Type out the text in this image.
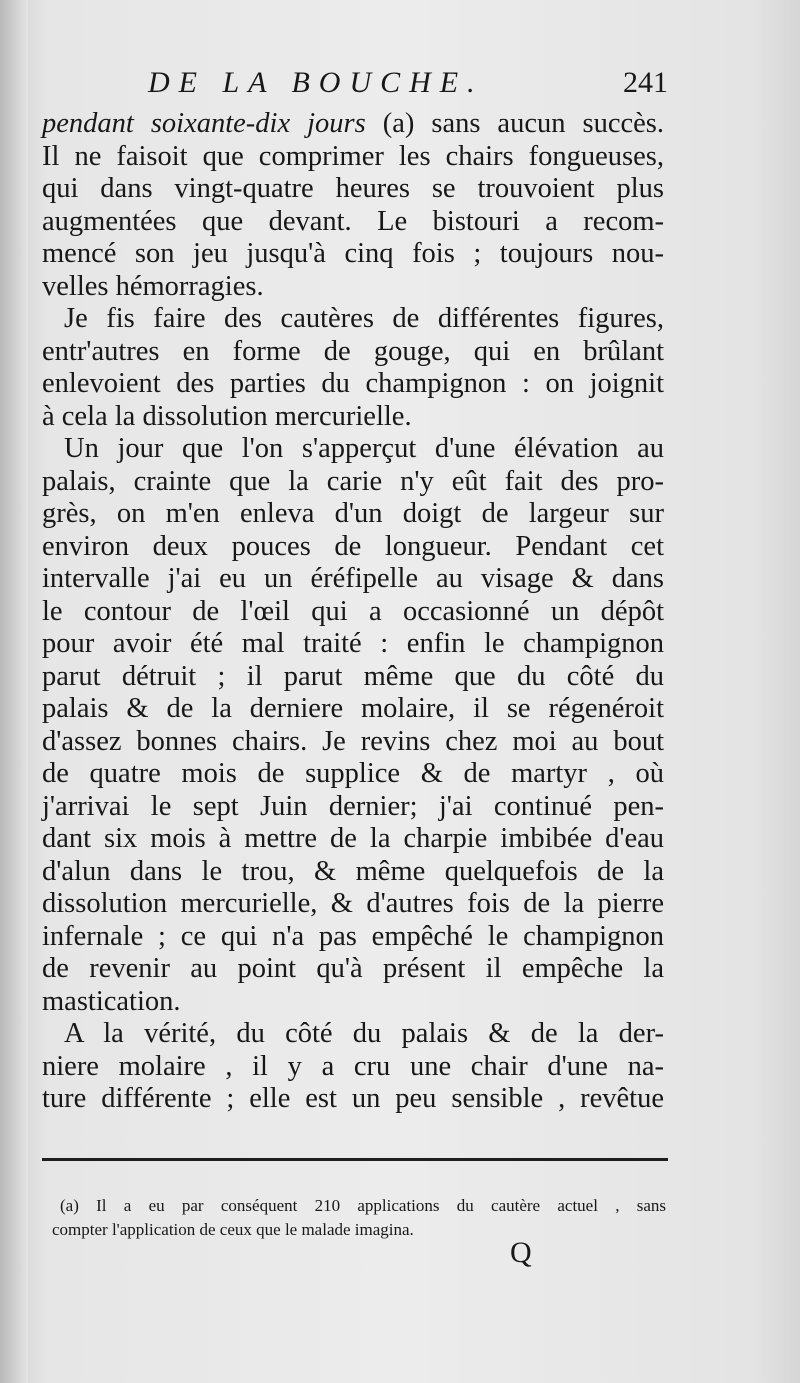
DE LA BOUCHE.	241
pendant soixante-dix jours (a) sans aucun succès.
Il ne faisoit que comprimer les chairs fongueuses,
qui dans vingt-quatre heures se trouvoient plus
augmentées que devant. Le bistouri a recom-
mencé son jeu jusqu'à cinq fois ; toujours nou-
velles hémorragies.
Je fis faire des cautères de différentes figures,
entr'autres en forme de gouge, qui en brûlant
enlevoient des parties du champignon : on joignit
à cela la dissolution mercurielle.
Un jour que l'on s'apperçut d'une élévation au
palais, crainte que la carie n'y eût fait des pro-
grès, on m'en enleva d'un doigt de largeur sur
environ deux pouces de longueur. Pendant cet
intervalle j'ai eu un éréfipelle au visage & dans
le contour de l'œil qui a occasionné un dépôt
pour avoir été mal traité : enfin le champignon
parut détruit ; il parut même que du côté du
palais & de la derniere molaire, il se régenéroit
d'assez bonnes chairs. Je revins chez moi au bout
de quatre mois de supplice & de martyr , où
j'arrivai le sept Juin dernier; j'ai continué pen-
dant six mois à mettre de la charpie imbibée d'eau
d'alun dans le trou, & même quelquefois de la
dissolution mercurielle, & d'autres fois de la pierre
infernale ; ce qui n'a pas empêché le champignon
de revenir au point qu'à présent il empêche la
mastication.
A la vérité, du côté du palais & de la der-
niere molaire , il y a cru une chair d'une na-
ture différente ; elle est un peu sensible , revêtue
(a) Il a eu par conséquent 210 applications du cautère actuel , sans
compter l'application de ceux que le malade imagina.
Q
